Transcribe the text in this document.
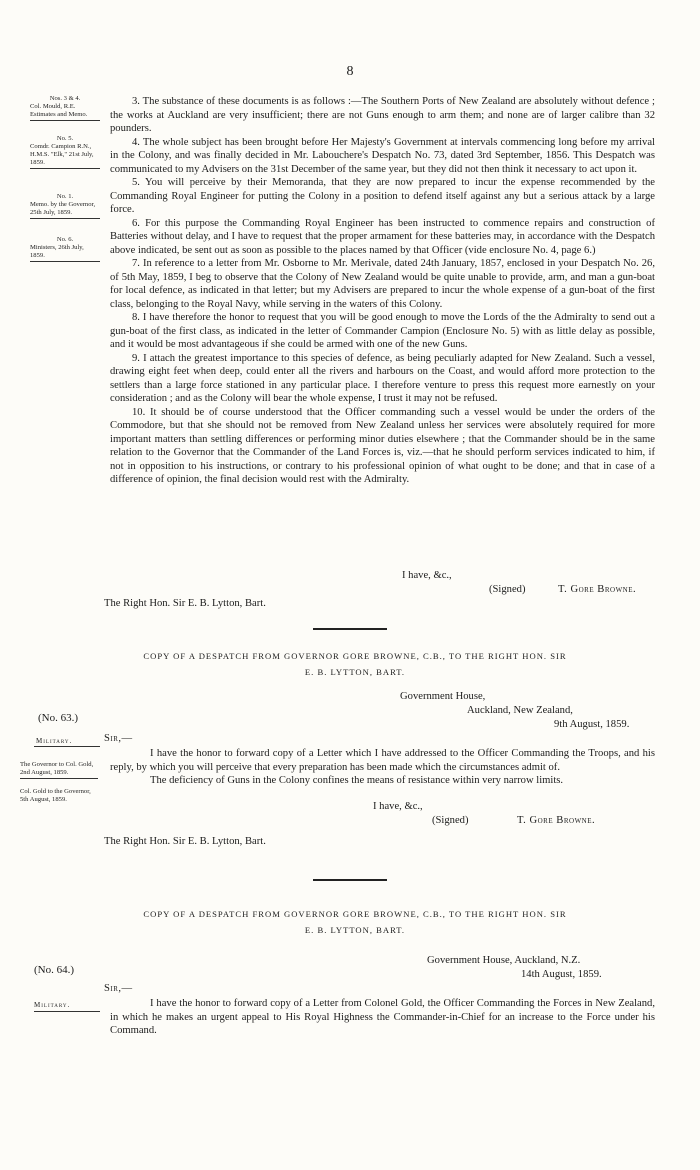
8
Nos. 3 & 4.
Col. Mould, R.E. Estimates and Memo.
No. 5.
Comdr. Campion R.N., H.M.S. "Elk," 21st July, 1859.
No. 1.
Memo. by the Governor, 25th July, 1859.
No. 6.
Ministers, 26th July, 1859.

3. The substance of these documents is as follows :—The Southern Ports of New Zealand are absolutely without defence ; the works at Auckland are very insufficient; there are not Guns enough to arm them; and none are of larger calibre than 32 pounders.

4. The whole subject has been brought before Her Majesty's Government at intervals commencing long before my arrival in the Colony, and was finally decided in Mr. Labouchere's Despatch No. 73, dated 3rd September, 1856. This Despatch was communicated to my Advisers on the 31st December of the same year, but they did not then think it necessary to act upon it.

5. You will perceive by their Memoranda, that they are now prepared to incur the expense recommended by the Commanding Royal Engineer for putting the Colony in a position to defend itself against any but a serious attack by a large force.

6. For this purpose the Commanding Royal Engineer has been instructed to commence repairs and construction of Batteries without delay, and I have to request that the proper armament for these batteries may, in accordance with the Despatch above indicated, be sent out as soon as possible to the places named by that Officer (vide enclosure No. 4, page 6.)

7. In reference to a letter from Mr. Osborne to Mr. Merivale, dated 24th January, 1857, enclosed in your Despatch No. 26, of 5th May, 1859, I beg to observe that the Colony of New Zealand would be quite unable to provide, arm, and man a gun-boat for local defence, as indicated in that letter; but my Advisers are prepared to incur the whole expense of a gun-boat of the first class, belonging to the Royal Navy, while serving in the waters of this Colony.

8. I have therefore the honor to request that you will be good enough to move the Lords of the the Admiralty to send out a gun-boat of the first class, as indicated in the letter of Commander Campion (Enclosure No. 5) with as little delay as possible, and it would be most advantageous if she could be armed with one of the new Guns.

9. I attach the greatest importance to this species of defence, as being peculiarly adapted for New Zealand. Such a vessel, drawing eight feet when deep, could enter all the rivers and harbours on the Coast, and would afford more protection to the settlers than a large force stationed in any particular place. I therefore venture to press this request more earnestly on your consideration ; and as the Colony will bear the whole expense, I trust it may not be refused.

10. It should be of course understood that the Officer commanding such a vessel would be under the orders of the Commodore, but that she should not be removed from New Zealand unless her services were absolutely required for more important matters than settling differences or performing minor duties elsewhere ; that the Commander should be in the same relation to the Governor that the Commander of the Land Forces is, viz.—that he should perform services indicated to him, if not in opposition to his instructions, or contrary to his professional opinion of what ought to be done; and that in case of a difference of opinion, the final decision would rest with the Admiralty.

I have, &c.,
(Signed)	T. Gore Browne.
The Right Hon. Sir E. B. Lytton, Bart.
COPY OF A DESPATCH FROM GOVERNOR GORE BROWNE, C.B., TO THE RIGHT HON. SIR
E. B. LYTTON, BART.
Government House,
Auckland, New Zealand,
9th August, 1859.
(No. 63.)
Military.	Sir,—
The Governor to Col. Gold, 2nd August, 1859.
Col. Gold to the Governor, 5th August, 1859.

I have the honor to forward copy of a Letter which I have addressed to the Officer Commanding the Troops, and his reply, by which you will perceive that every preparation has been made which the circumstances admit of.

The deficiency of Guns in the Colony confines the means of resistance within very narrow limits.

I have, &c.,
(Signed)	T. Gore Browne.
The Right Hon. Sir E. B. Lytton, Bart.
COPY OF A DESPATCH FROM GOVERNOR GORE BROWNE, C.B., TO THE RIGHT HON. SIR
E. B. LYTTON, BART.
Government House, Auckland, N.Z.
14th August, 1859.
(No. 64.)
Sir,—
Military.	I have the honor to forward copy of a Letter from Colonel Gold, the Officer Commanding the Forces in New Zealand, in which he makes an urgent appeal to His Royal Highness the Commander-in-Chief for an increase to the Force under his Command.
